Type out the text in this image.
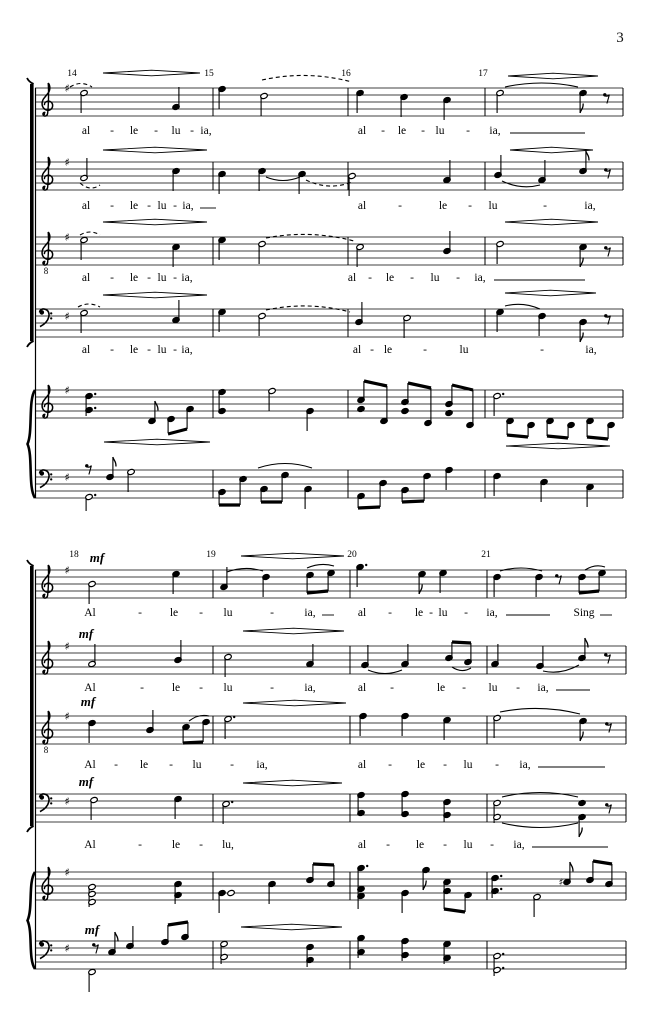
3
♯
♯
8
♯
♯
♯
♯
14	15	16	17
al - le - lu - ia,	al - le - lu - ia,
al - le - lu - ia,	al	-	le - lu	-	ia,
al - le - lu - ia,	al - le - lu - ia,
al - le - lu - ia,	al - le	-	lu	-	ia,
♯
♯
8
♯
♯
♯
♯
18	19	20	21
♯
Al	- le - lu	-	ia,	al - le - lu - ia,	Sing
Al	- le - lu	-	ia,	al -	le - lu - ia,
Al - le - lu - ia,	al - le - lu - ia,
Al	-	le - lu,	al - le - lu - ia,
mf
mf
mf
mf
mf
